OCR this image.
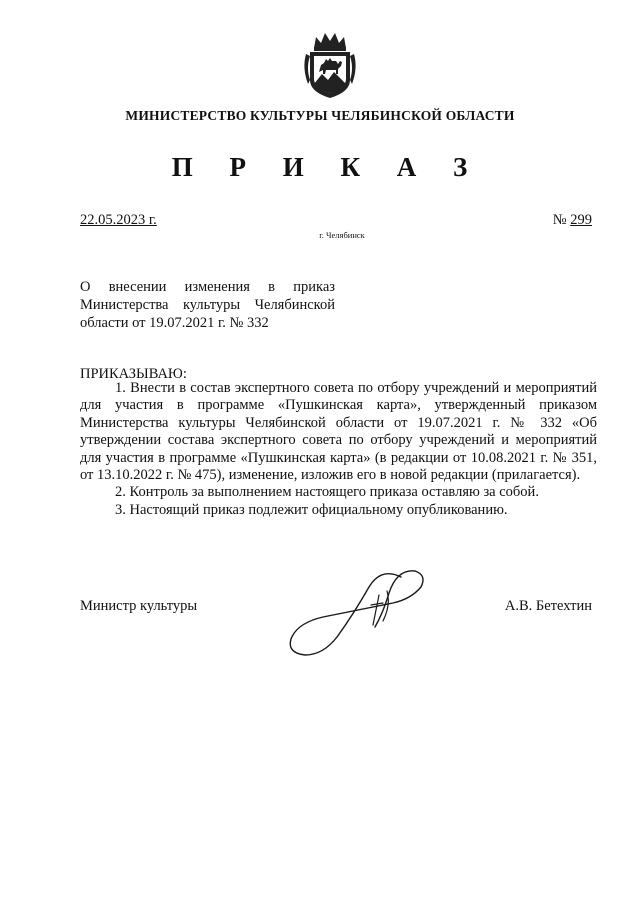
МИНИСТЕРСТВО КУЛЬТУРЫ ЧЕЛЯБИНСКОЙ ОБЛАСТИ
П Р И К А З
22.05.2023 г.	№ 299
г. Челябинск

О внесении изменения в приказ

Министерства культуры Челябинской

области от 19.07.2021 г. № 332

ПРИКАЗЫВАЮ:

1. Внести в состав экспертного совета по отбору учреждений и мероприятий для участия в программе «Пушкинская карта», утвержденный приказом Министерства культуры Челябинской области от 19.07.2021 г. № 332 «Об утверждении состава экспертного совета по отбору учреждений и мероприятий для участия в программе «Пушкинская карта» (в редакции от 10.08.2021 г. № 351, от 13.10.2022 г. № 475), изменение, изложив его в новой редакции (прилагается).

2. Контроль за выполнением настоящего приказа оставляю за собой.

3. Настоящий приказ подлежит официальному опубликованию.

Министр культуры	А.В. Бетехтин
